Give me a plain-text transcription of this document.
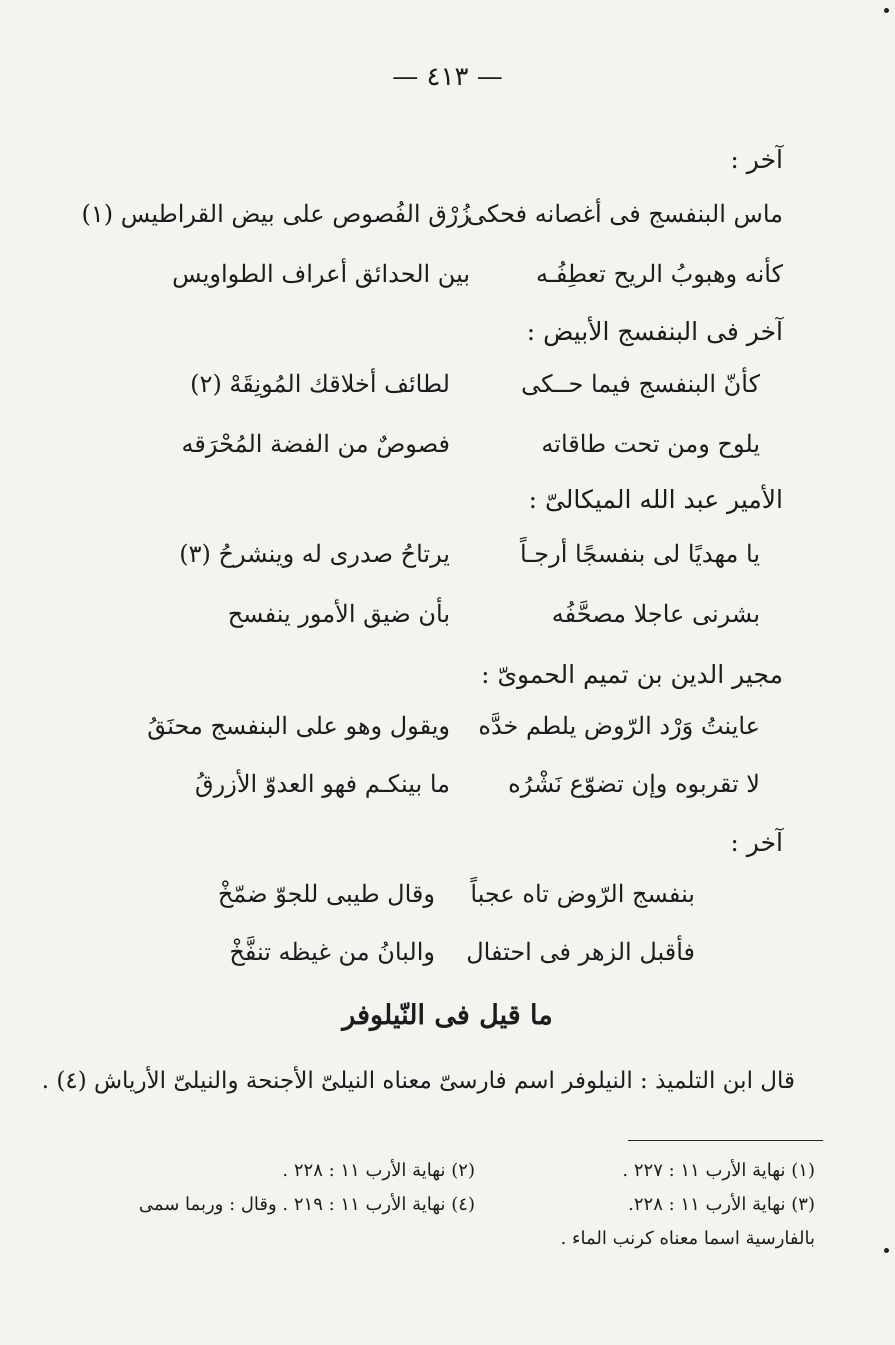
— ٤١٣ —
آخر :
ماس البنفسج فى أغصانه فحكى
زُرْق الفُصوص على بيض القراطيس (١)
كأنه وهبوبُ الريح تعطِفُـه
بين الحدائق أعراف الطواويس
آخر فى البنفسج الأبيض :
كأنّ البنفسج فيما حــكى
لطائف أخلاقك المُونِقَهْ (٢)
يلوح ومن تحت طاقاته
فصوصٌ من الفضة المُحْرَقه
الأمير عبد الله الميكالىّ :
يا مهديًا لى بنفسجًا أرجـاً
يرتاحُ صدرى له وينشرحُ (٣)
بشرنى عاجلا مصحَّفُه
بأن ضيق الأمور ينفسح
مجير الدين بن تميم الحموىّ :
عاينتُ وَرْد الرّوض يلطم خدَّه
ويقول وهو على البنفسج محنَقُ
لا تقربوه وإن تضوّع نَشْرُه
ما بينكـم فهو العدوّ الأزرقُ
آخر :
بنفسج الرّوض تاه عجباً
وقال طيبى للجوّ ضمّخْ
فأقبل الزهر فى احتفال
والبانُ من غيظه تنفَّخْ
ما قيل فى النّيلوفر
قال ابن التلميذ : النيلوفر اسم فارسىّ معناه النيلىّ الأجنحة والنيلىّ الأرياش (٤) .
(١) نهاية الأرب ١١ : ٢٢٧ .
(٢) نهاية الأرب ١١ : ٢٢٨ .
(٣) نهاية الأرب ١١ : ٢٢٨.
(٤) نهاية الأرب ١١ : ٢١٩ . وقال : وربما سمى
بالفارسية اسما معناه كرنب الماء .
